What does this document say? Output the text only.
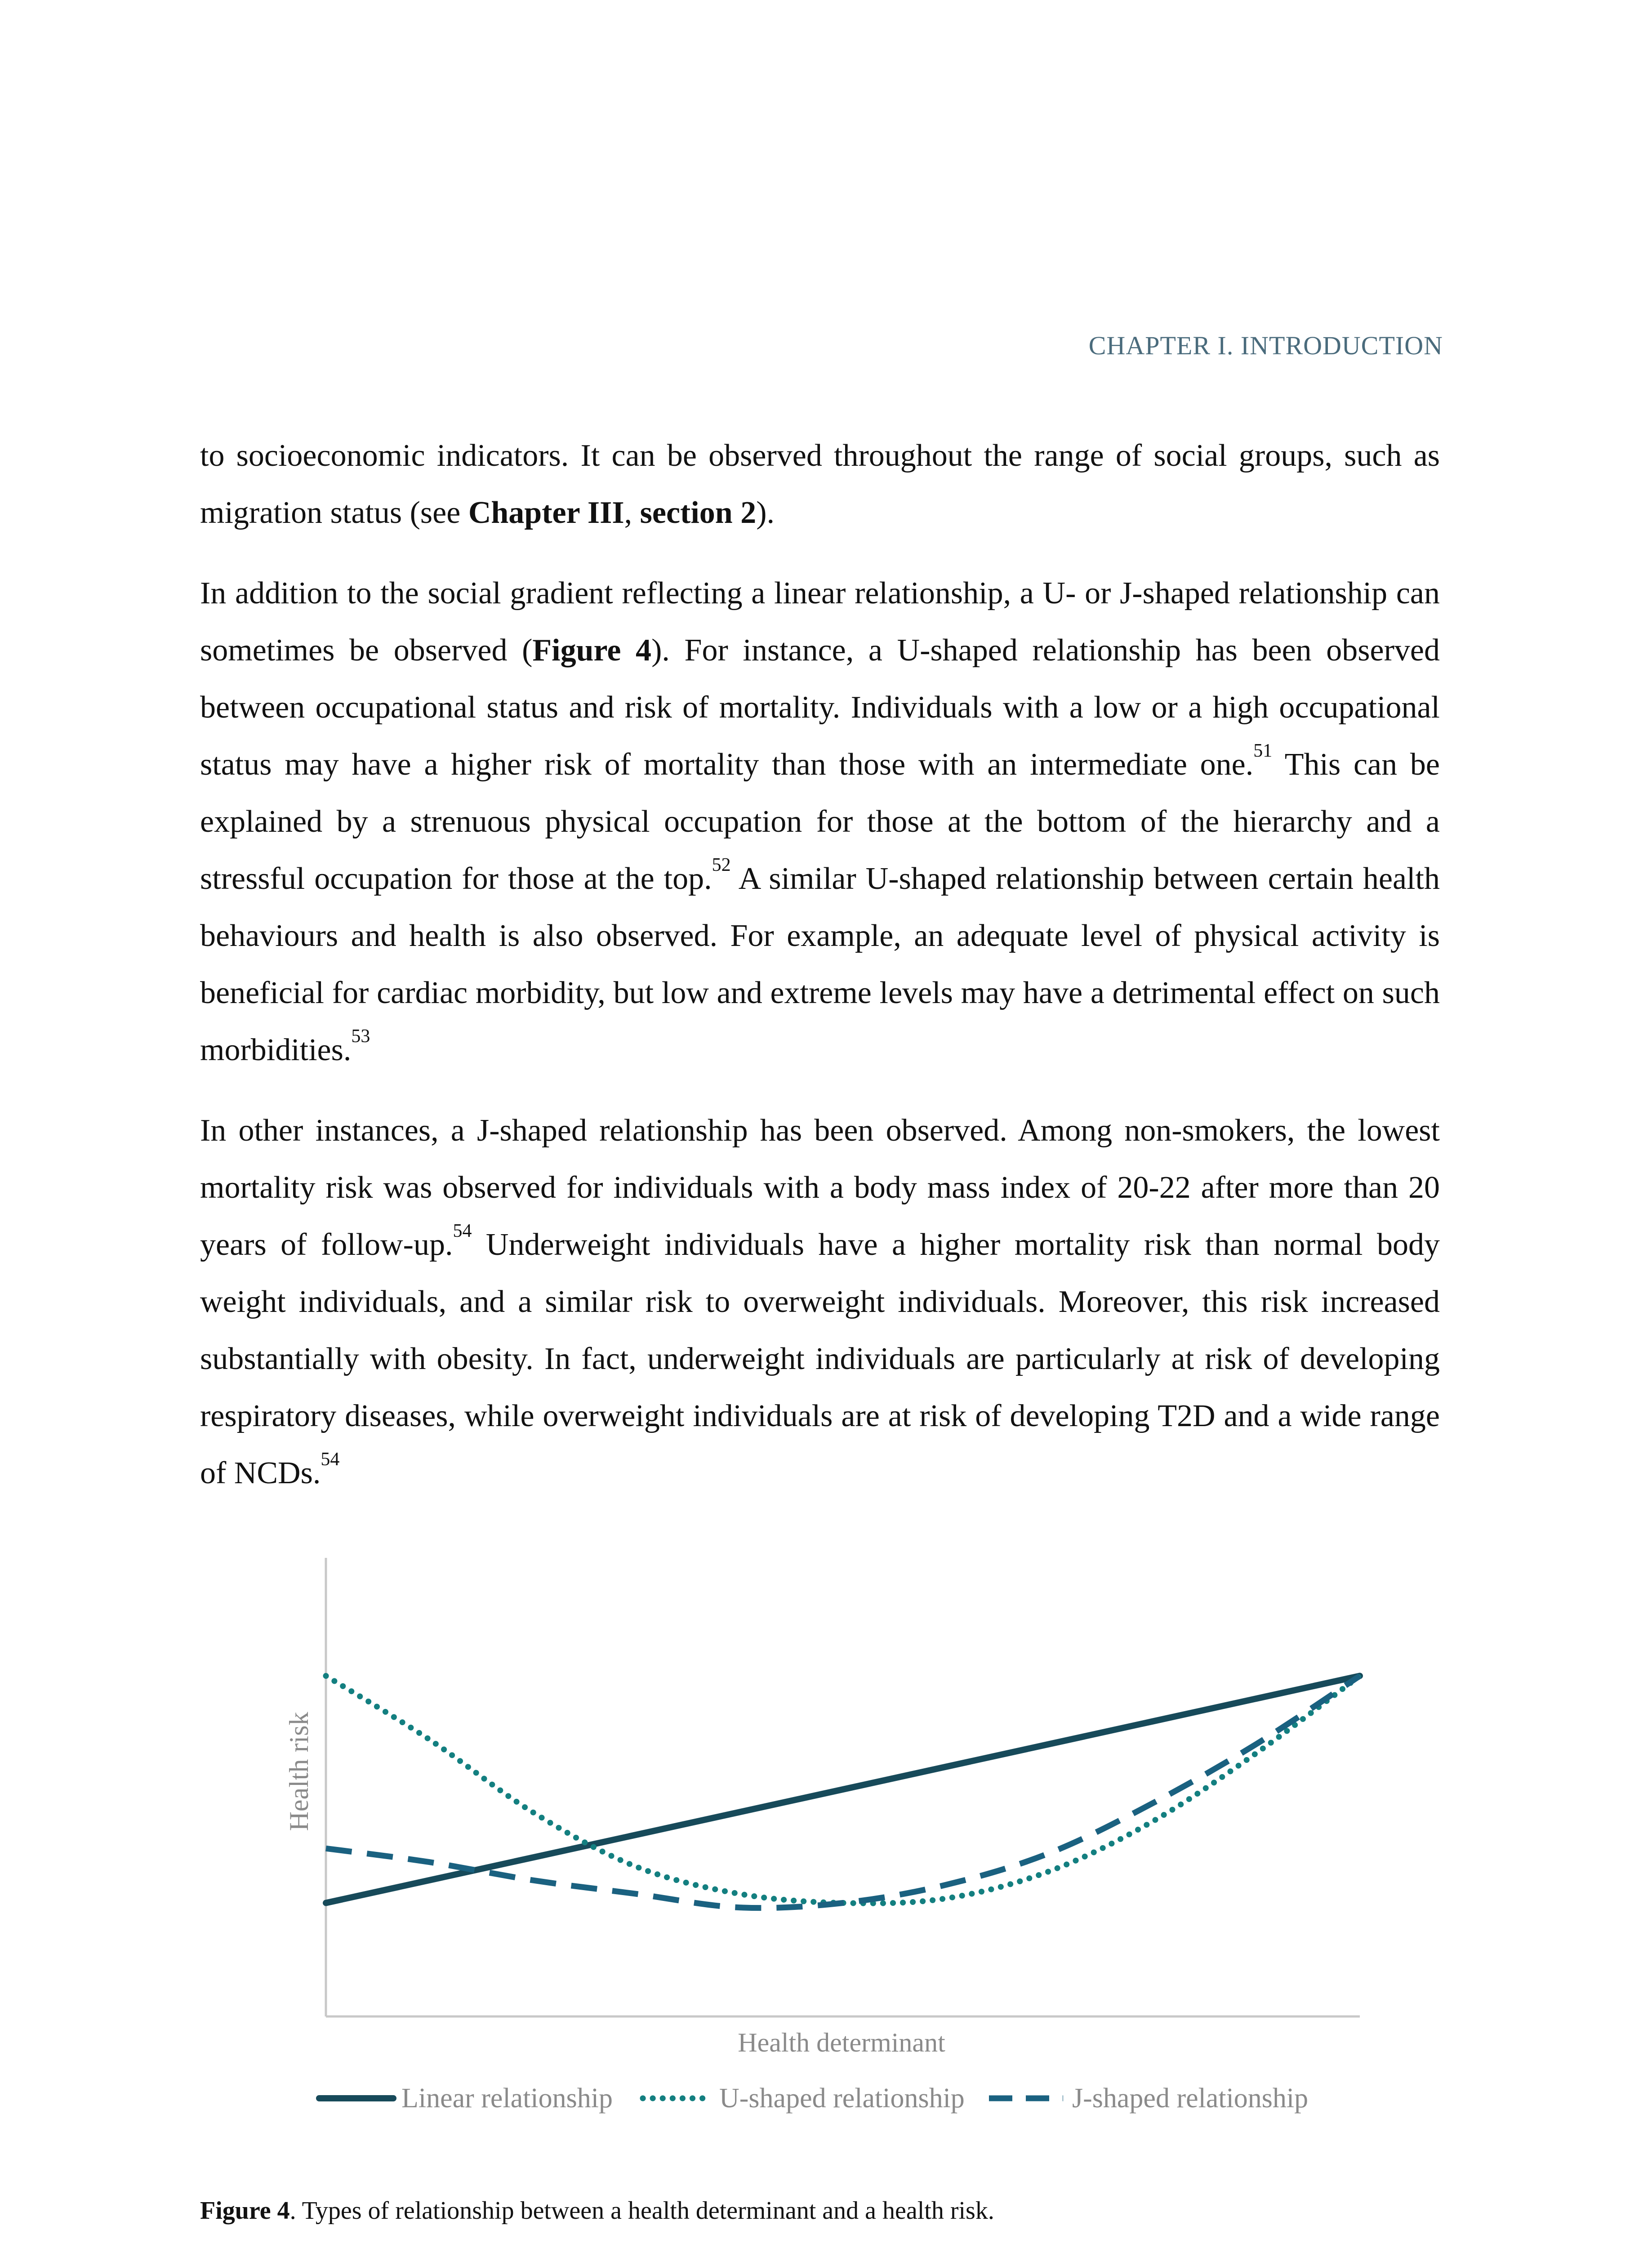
CHAPTER I. INTRODUCTION

to socioeconomic indicators. It can be observed throughout the range of social groups, such as migration status (see Chapter III, section 2).

In addition to the social gradient reflecting a linear relationship, a U- or J-shaped relationship can sometimes be observed (Figure 4). For instance, a U-shaped relationship has been observed between occupational status and risk of mortality. Individuals with a low or a high occupational status may have a higher risk of mortality than those with an intermediate one.$^{51}$ This can be explained by a strenuous physical occupation for those at the bottom of the hierarchy and a stressful occupation for those at the top.$^{52}$ A similar U-shaped relationship between certain health behaviours and health is also observed. For example, an adequate level of physical activity is beneficial for cardiac morbidity, but low and extreme levels may have a detrimental effect on such morbidities.$^{53}$

In other instances, a J-shaped relationship has been observed. Among non-smokers, the lowest mortality risk was observed for individuals with a body mass index of 20-22 after more than 20 years of follow-up.$^{54}$ Underweight individuals have a higher mortality risk than normal body weight individuals, and a similar risk to overweight individuals. Moreover, this risk increased substantially with obesity. In fact, underweight individuals are particularly at risk of developing respiratory diseases, while overweight individuals are at risk of developing T2D and a wide range of NCDs.$^{54}$

Health risk
Health determinant
Linear relationship	U-shaped relationship	J-shaped relationship
Figure 4. Types of relationship between a health determinant and a health risk.
